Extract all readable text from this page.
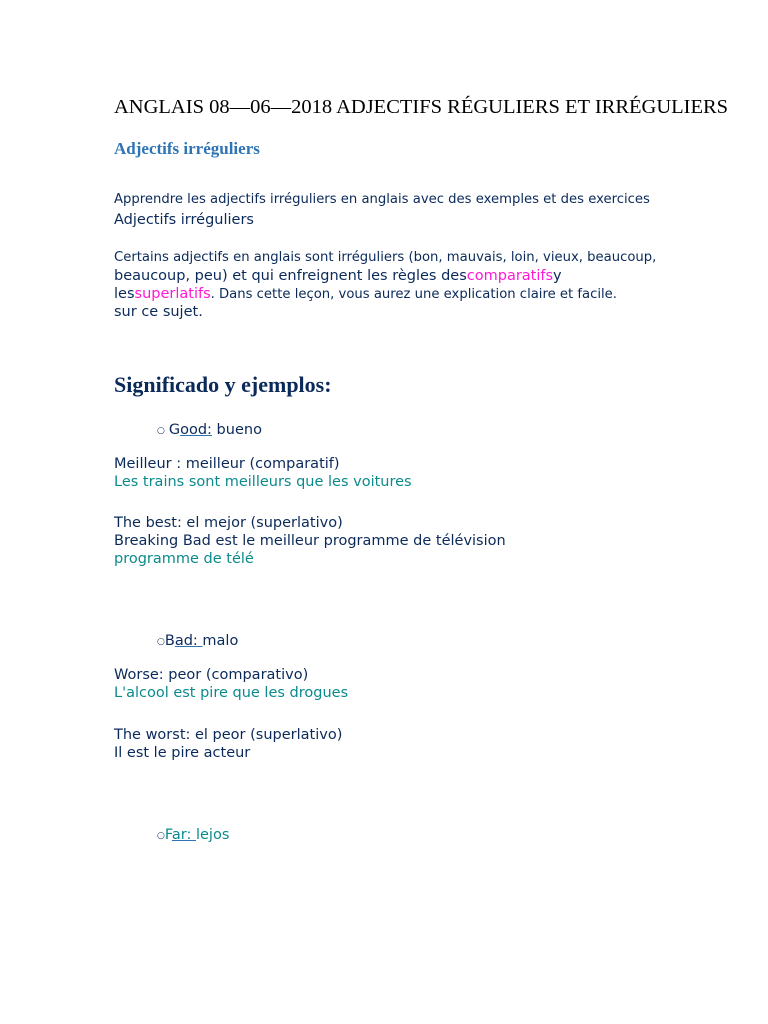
ANGLAIS 08—06—2018 ADJECTIFS RÉGULIERS ET IRRÉGULIERS
Adjectifs irréguliers
Apprendre les adjectifs irréguliers en anglais avec des exemples et des exercices
Adjectifs irréguliers
Certains adjectifs en anglais sont irréguliers (bon, mauvais, loin, vieux, beaucoup,
beaucoup, peu) et qui enfreignent les règles descomparatifsy
lessuperlatifs. Dans cette leçon, vous aurez une explication claire et facile.
sur ce sujet.
Significado y ejemplos:
○ Good: bueno
Meilleur : meilleur (comparatif)
Les trains sont meilleurs que les voitures
The best: el mejor (superlativo)
Breaking Bad est le meilleur programme de télévision
programme de télé
○Bad: malo
Worse: peor (comparativo)
L'alcool est pire que les drogues
The worst: el peor (superlativo)
Il est le pire acteur
○Far: lejos
